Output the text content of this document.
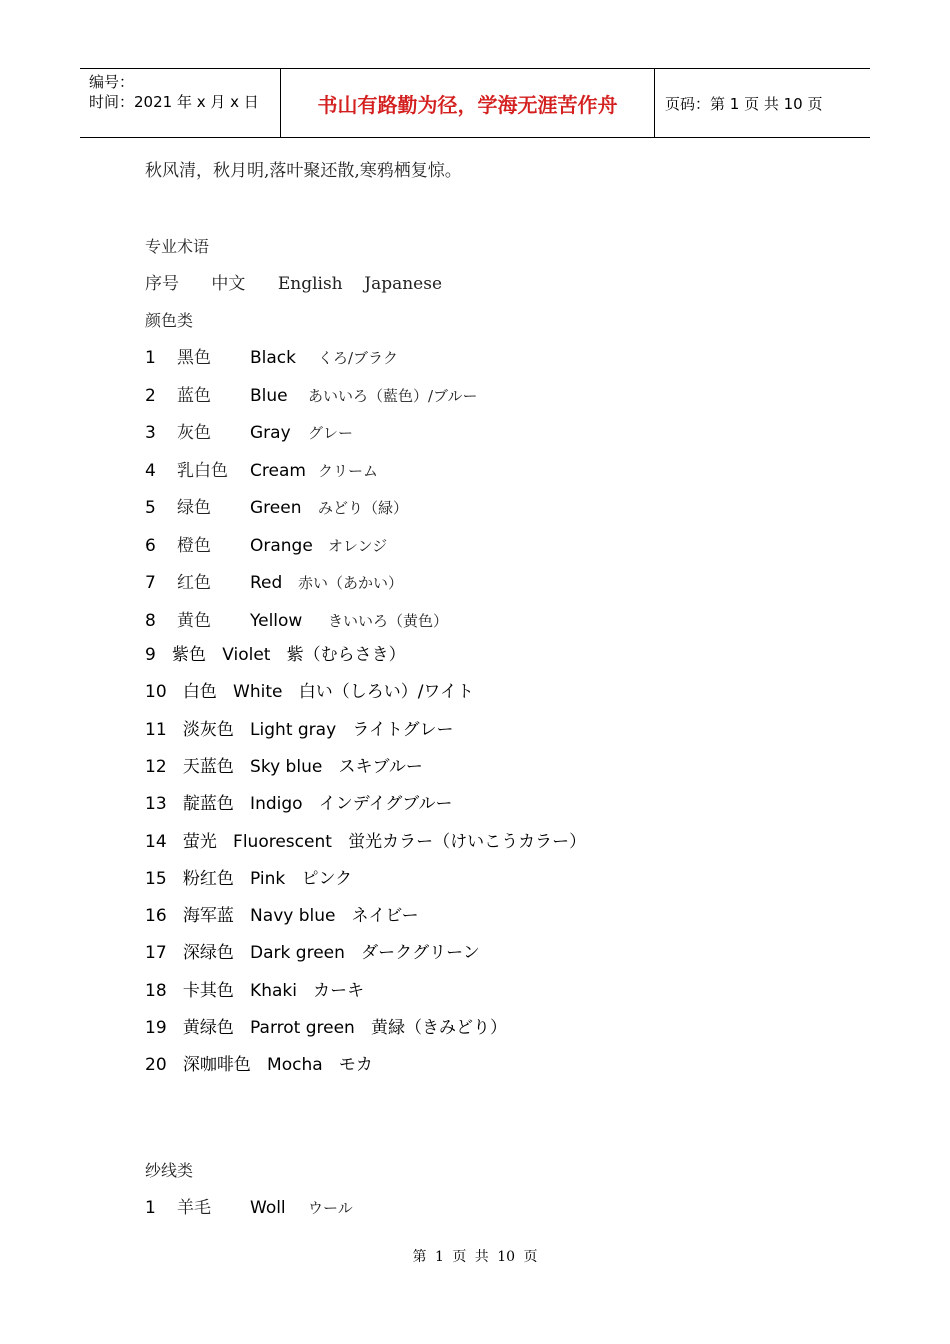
编号：
时间：2021 年 x 月 x 日	书山有路勤为径，学海无涯苦作舟	页码：第 1 页 共 10 页
秋风清，秋月明,落叶聚还散,寒鸦栖复惊。
专业术语
序号      中文      English    Japanese
颜色类
1 黑色 Black くろ/ブラク
2 蓝色 Blue あいいろ（藍色）/ブルー
3 灰色 Gray グレー
4 乳白色 Cream クリーム
5 绿色 Green みどり（緑）
6 橙色 Orange オレンジ
7 红色 Red 赤い（あかい）
8 黄色 Yellow きいいろ（黄色）
9   紫色   Violet   紫（むらさき）
10   白色   White   白い（しろい）/ワイト
11   淡灰色   Light gray   ライトグレー
12   天蓝色   Sky blue   スキブルー
13   靛蓝色   Indigo   インデイグブルー
14   萤光   Fluorescent   蛍光カラー（けいこうカラー）
15   粉红色   Pink   ピンク
16   海军蓝   Navy blue   ネイビー
17   深绿色   Dark green   ダークグリーン
18   卡其色   Khaki   カーキ
19   黄绿色   Parrot green   黄緑（きみどり）
20   深咖啡色   Mocha   モカ
纱线类
1 羊毛 Woll ウール
第 1 页 共 10 页
